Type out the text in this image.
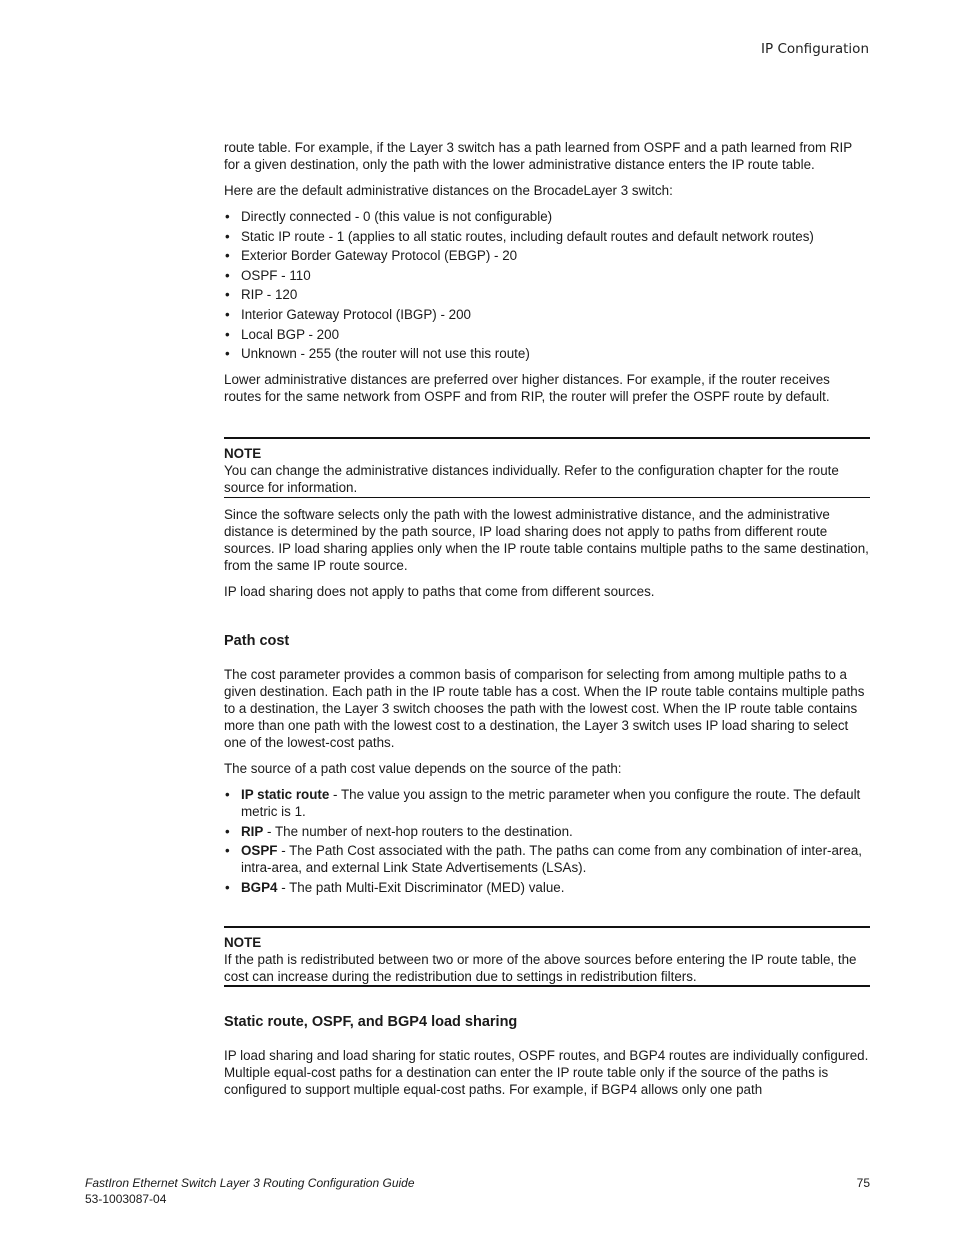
IP Configuration

route table. For example, if the Layer 3 switch has a path learned from OSPF and a path learned from RIP for a given destination, only the path with the lower administrative distance enters the IP route table.

Here are the default administrative distances on the BrocadeLayer 3 switch:

• Directly connected - 0 (this value is not configurable)
• Static IP route - 1 (applies to all static routes, including default routes and default network routes)
• Exterior Border Gateway Protocol (EBGP) - 20
• OSPF - 110
• RIP - 120
• Interior Gateway Protocol (IBGP) - 200
• Local BGP - 200
• Unknown - 255 (the router will not use this route)

Lower administrative distances are preferred over higher distances. For example, if the router receives routes for the same network from OSPF and from RIP, the router will prefer the OSPF route by default.

NOTE

You can change the administrative distances individually. Refer to the configuration chapter for the route source for information.

Since the software selects only the path with the lowest administrative distance, and the administrative distance is determined by the path source, IP load sharing does not apply to paths from different route sources. IP load sharing applies only when the IP route table contains multiple paths to the same destination, from the same IP route source.

IP load sharing does not apply to paths that come from different sources.

Path cost

The cost parameter provides a common basis of comparison for selecting from among multiple paths to a given destination. Each path in the IP route table has a cost. When the IP route table contains multiple paths to a destination, the Layer 3 switch chooses the path with the lowest cost. When the IP route table contains more than one path with the lowest cost to a destination, the Layer 3 switch uses IP load sharing to select one of the lowest-cost paths.

The source of a path cost value depends on the source of the path:

• IP static route - The value you assign to the metric parameter when you configure the route. The default metric is 1.
• RIP - The number of next-hop routers to the destination.
• OSPF - The Path Cost associated with the path. The paths can come from any combination of inter-area, intra-area, and external Link State Advertisements (LSAs).
• BGP4 - The path Multi-Exit Discriminator (MED) value.

NOTE

If the path is redistributed between two or more of the above sources before entering the IP route table, the cost can increase during the redistribution due to settings in redistribution filters.

Static route, OSPF, and BGP4 load sharing

IP load sharing and load sharing for static routes, OSPF routes, and BGP4 routes are individually configured. Multiple equal-cost paths for a destination can enter the IP route table only if the source of the paths is configured to support multiple equal-cost paths. For example, if BGP4 allows only one path

FastIron Ethernet Switch Layer 3 Routing Configuration Guide
53-1003087-04
75
